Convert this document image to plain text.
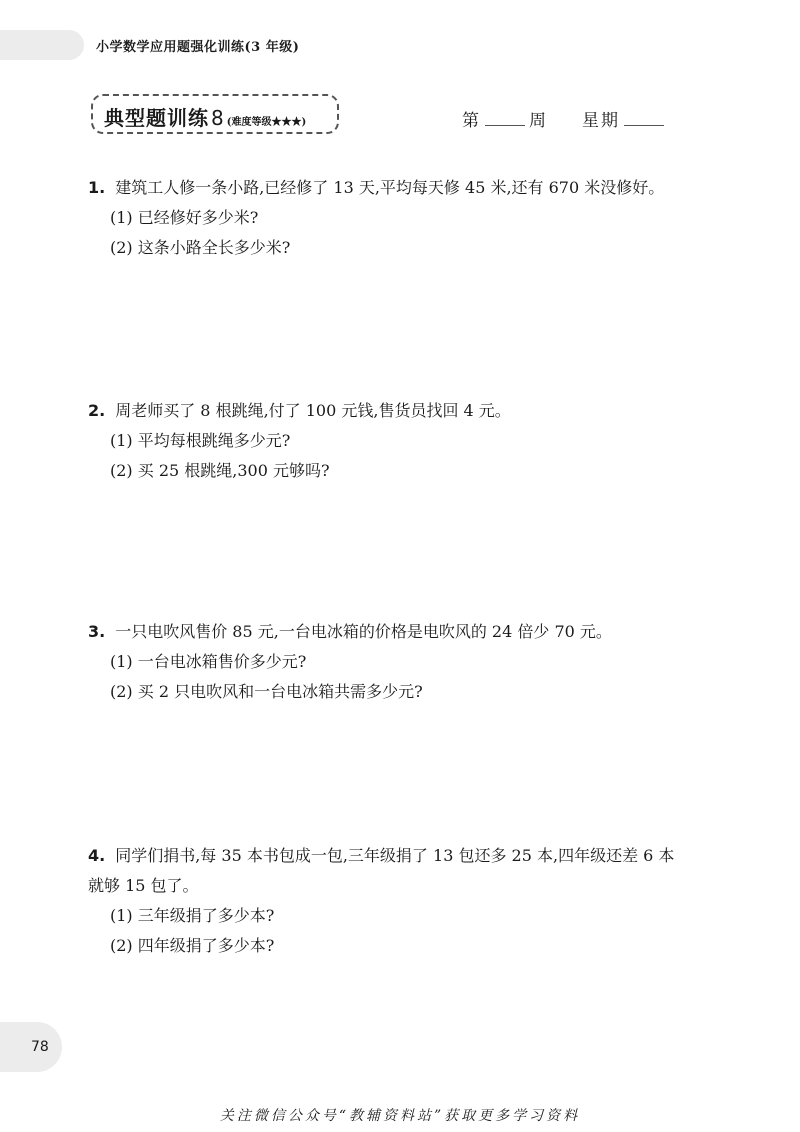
小学数学应用题强化训练(3 年级)
典型题训练 8 (难度等级★★★)	第	周 星期
1. 建筑工人修一条小路,已经修了 13 天,平均每天修 45 米,还有 670 米没修好。
(1) 已经修好多少米?
(2) 这条小路全长多少米?
2. 周老师买了 8 根跳绳,付了 100 元钱,售货员找回 4 元。
(1) 平均每根跳绳多少元?
(2) 买 25 根跳绳,300 元够吗?
3. 一只电吹风售价 85 元,一台电冰箱的价格是电吹风的 24 倍少 70 元。
(1) 一台电冰箱售价多少元?
(2) 买 2 只电吹风和一台电冰箱共需多少元?
4. 同学们捐书,每 35 本书包成一包,三年级捐了 13 包还多 25 本,四年级还差 6 本
就够 15 包了。
(1) 三年级捐了多少本?
(2) 四年级捐了多少本?
78
关注微信公众号“教辅资料站”获取更多学习资料
